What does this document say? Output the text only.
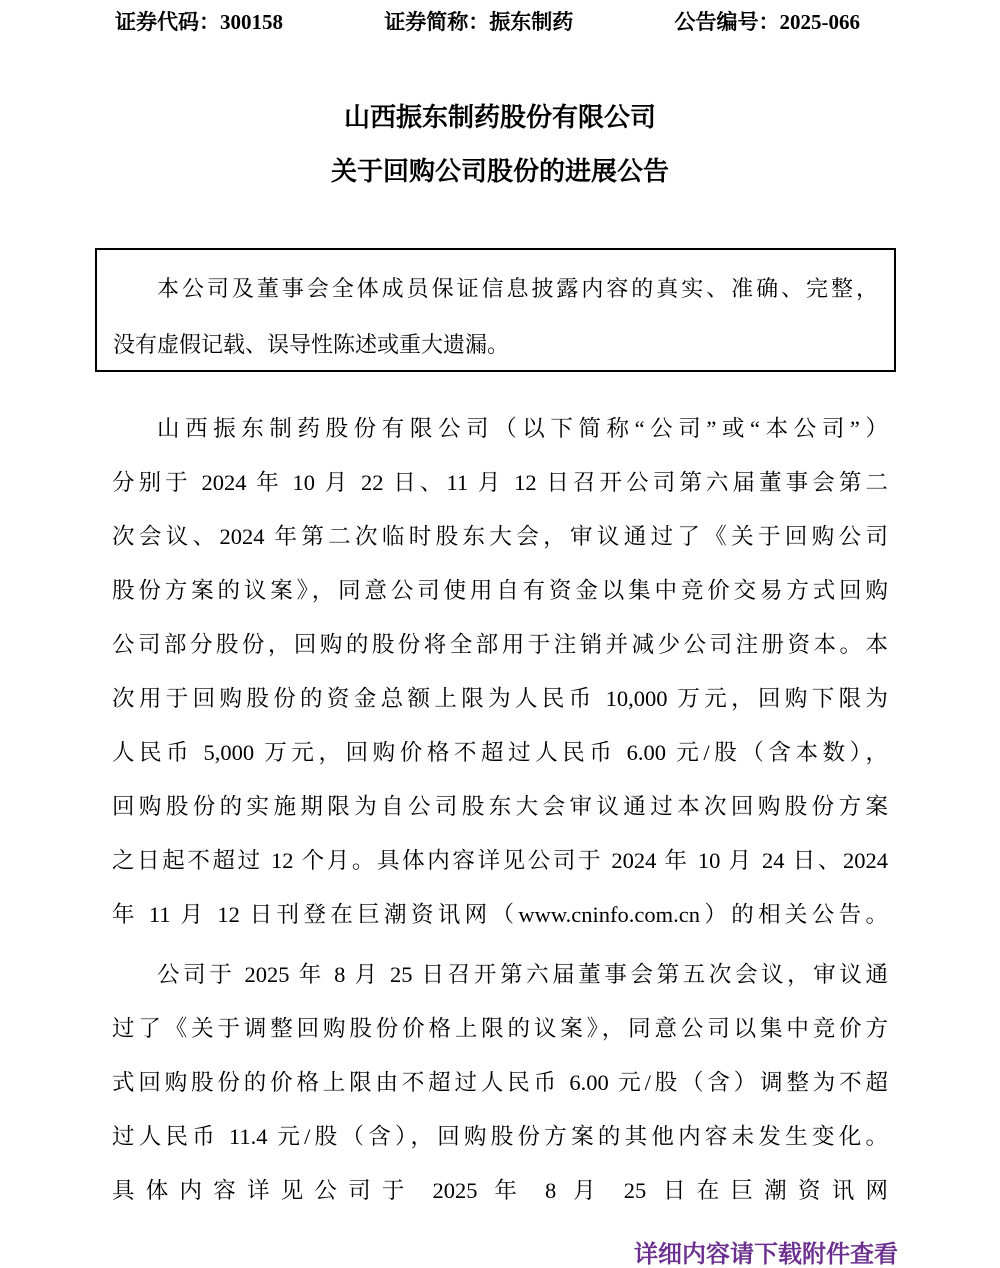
证券代码：300158	证券简称：振东制药	公告编号：2025-066
山西振东制药股份有限公司
关于回购公司股份的进展公告
本公司及董事会全体成员保证信息披露内容的真实、准确、完整，
没有虚假记载、误导性陈述或重大遗漏。
山西振东制药股份有限公司（以下简称“公司”或“本公司”）
分别于 2024 年 10 月 22 日、11 月 12 日召开公司第六届董事会第二
次会议、2024 年第二次临时股东大会，审议通过了《关于回购公司
股份方案的议案》，同意公司使用自有资金以集中竞价交易方式回购
公司部分股份，回购的股份将全部用于注销并减少公司注册资本。本
次用于回购股份的资金总额上限为人民币 10,000 万元，回购下限为
人民币 5,000 万元，回购价格不超过人民币 6.00 元/股（含本数），
回购股份的实施期限为自公司股东大会审议通过本次回购股份方案
之日起不超过 12 个月。具体内容详见公司于 2024 年 10 月 24 日、2024
年 11 月 12 日刊登在巨潮资讯网（www.cninfo.com.cn）的相关公告。
公司于 2025 年 8 月 25 日召开第六届董事会第五次会议，审议通
过了《关于调整回购股份价格上限的议案》，同意公司以集中竞价方
式回购股份的价格上限由不超过人民币 6.00 元/股（含）调整为不超
过人民币 11.4 元/股（含），回购股份方案的其他内容未发生变化。
具体内容详见公司于 2025 年 8 月 25 日在巨潮资讯网
详细内容请下载附件查看
